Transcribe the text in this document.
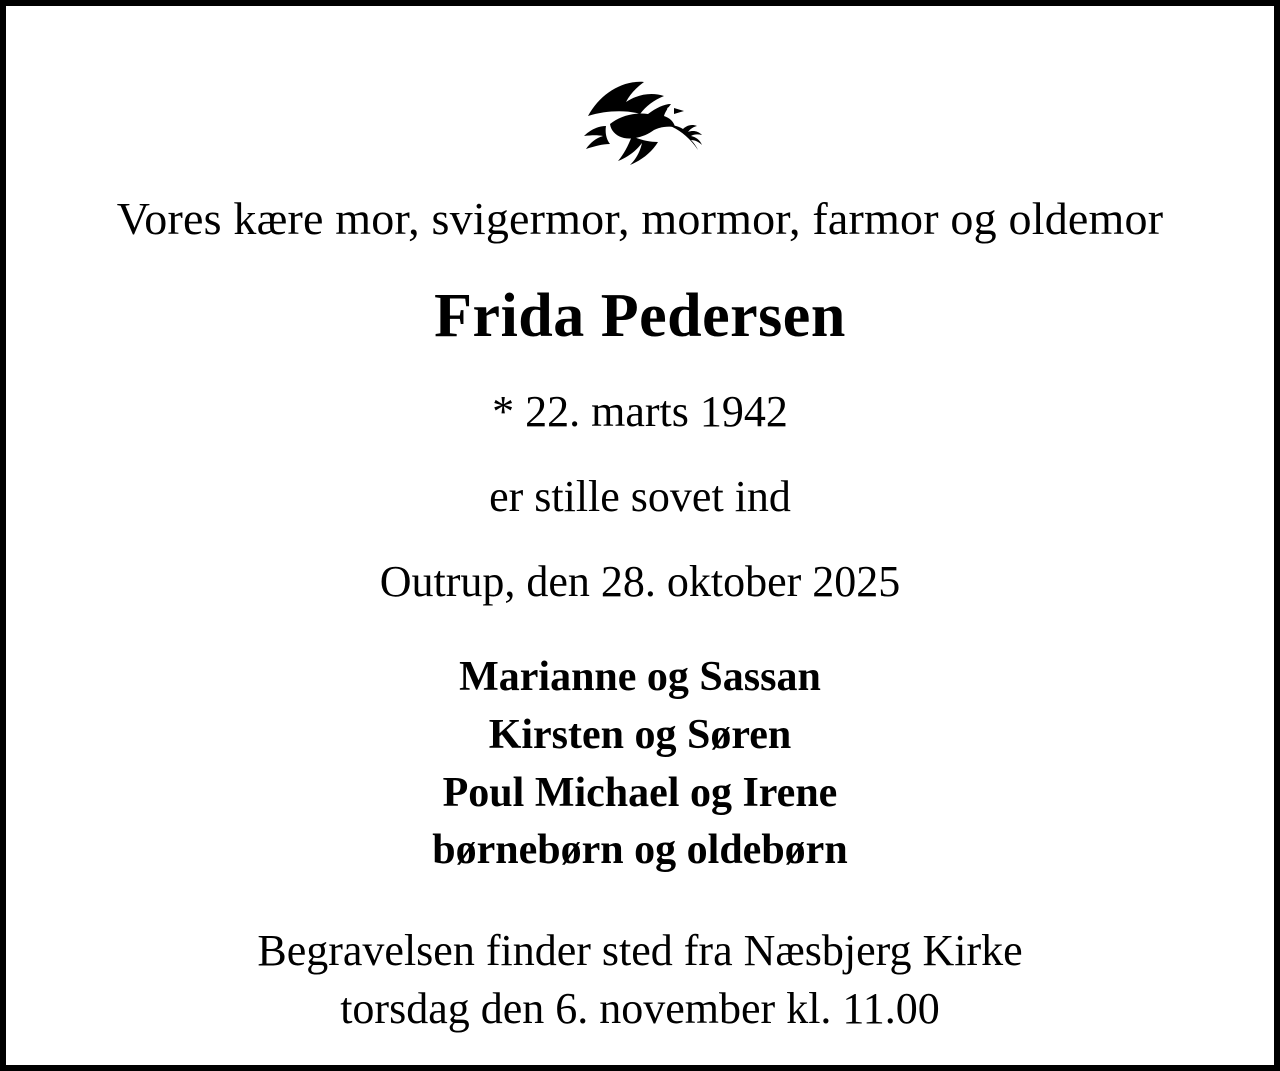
Vores kære mor, svigermor, mormor, farmor og oldemor
Frida Pedersen
* 22. marts 1942
er stille sovet ind
Outrup, den 28. oktober 2025
Marianne og Sassan
Kirsten og Søren
Poul Michael og Irene
børnebørn og oldebørn
Begravelsen finder sted fra Næsbjerg Kirke
torsdag den 6. november kl. 11.00
